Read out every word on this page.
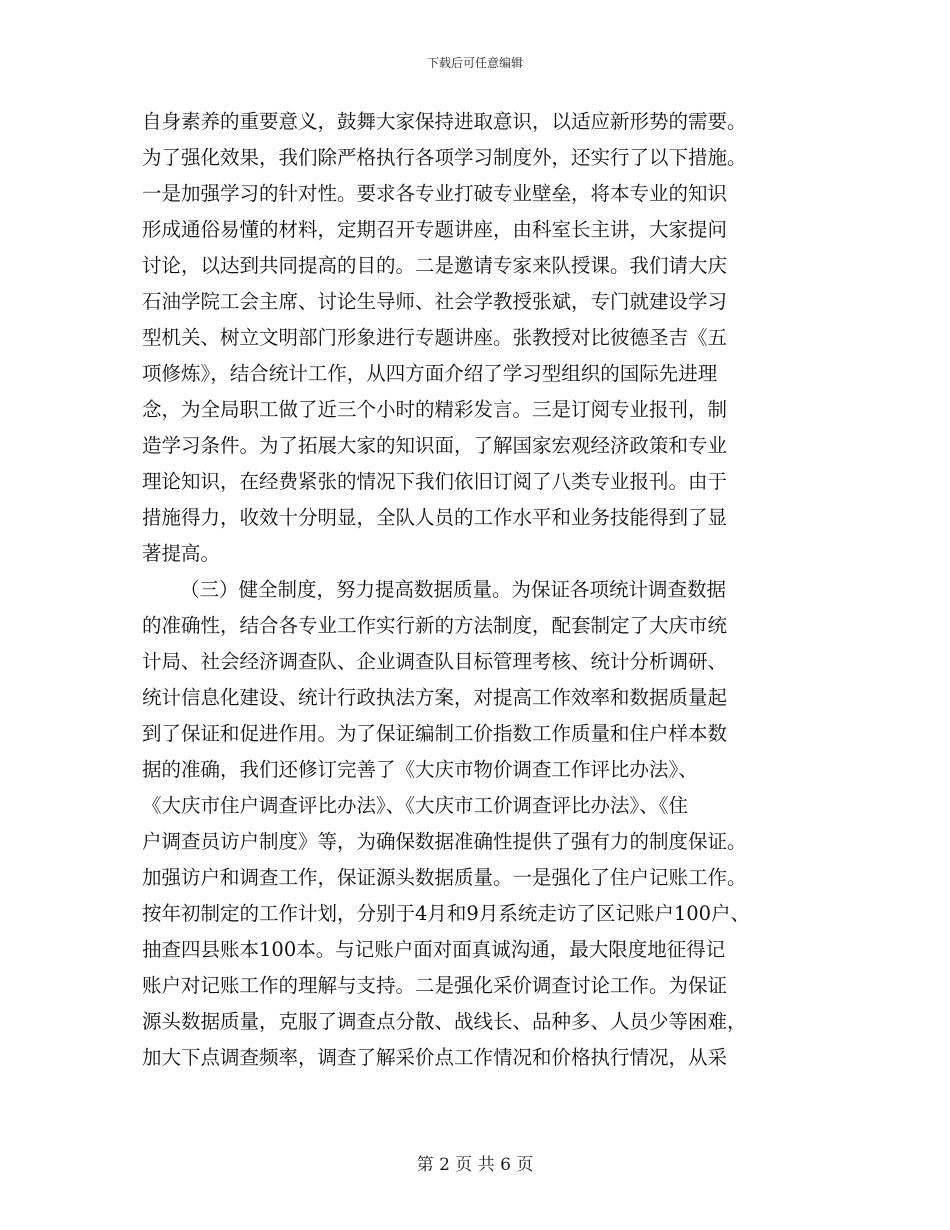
下载后可任意编辑
自身素养的重要意义，鼓舞大家保持进取意识，以适应新形势的需要。
为了强化效果，我们除严格执行各项学习制度外，还实行了以下措施。
一是加强学习的针对性。要求各专业打破专业壁垒，将本专业的知识
形成通俗易懂的材料，定期召开专题讲座，由科室长主讲，大家提问
讨论，以达到共同提高的目的。二是邀请专家来队授课。我们请大庆
石油学院工会主席、讨论生导师、社会学教授张斌，专门就建设学习
型机关、树立文明部门形象进行专题讲座。张教授对比彼德圣吉《五
项修炼》，结合统计工作，从四方面介绍了学习型组织的国际先进理
念，为全局职工做了近三个小时的精彩发言。三是订阅专业报刊，制
造学习条件。为了拓展大家的知识面，了解国家宏观经济政策和专业
理论知识，在经费紧张的情况下我们依旧订阅了八类专业报刊。由于
措施得力，收效十分明显，全队人员的工作水平和业务技能得到了显
著提高。
（三）健全制度，努力提高数据质量。为保证各项统计调查数据
的准确性，结合各专业工作实行新的方法制度，配套制定了大庆市统
计局、社会经济调查队、企业调查队目标管理考核、统计分析调研、
统计信息化建设、统计行政执法方案，对提高工作效率和数据质量起
到了保证和促进作用。为了保证编制工价指数工作质量和住户样本数
据的准确，我们还修订完善了《大庆市物价调查工作评比办法》、
《大庆市住户调查评比办法》、《大庆市工价调查评比办法》、《住
户调查员访户制度》等，为确保数据准确性提供了强有力的制度保证。
加强访户和调查工作，保证源头数据质量。一是强化了住户记账工作。
按年初制定的工作计划，分别于4月和9月系统走访了区记账户100户、
抽查四县账本100本。与记账户面对面真诚沟通，最大限度地征得记
账户对记账工作的理解与支持。二是强化采价调查讨论工作。为保证
源头数据质量，克服了调查点分散、战线长、品种多、人员少等困难，
加大下点调查频率，调查了解采价点工作情况和价格执行情况，从采
第 2 页 共 6 页
